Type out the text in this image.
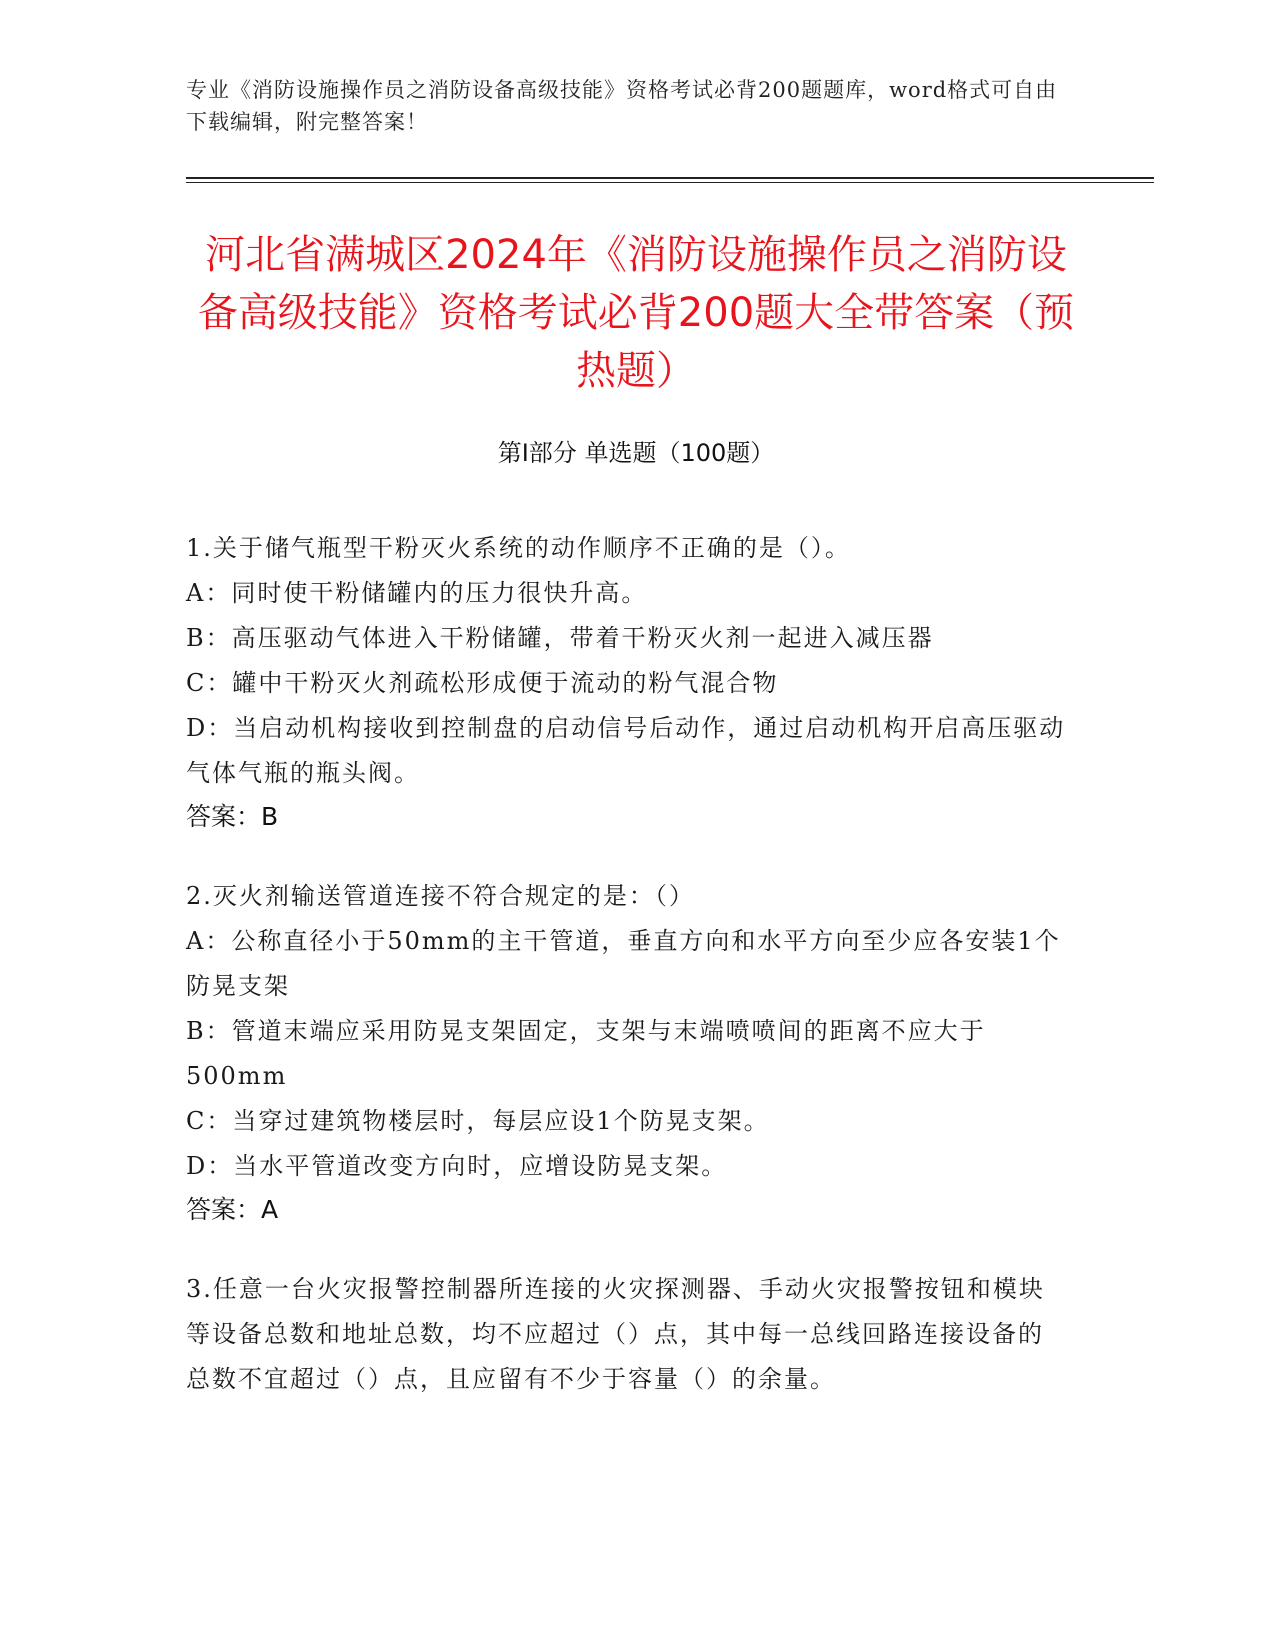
专业《消防设施操作员之消防设备高级技能》资格考试必背200题题库，word格式可自由下载编辑，附完整答案！
河北省满城区2024年《消防设施操作员之消防设备高级技能》资格考试必背200题大全带答案（预热题）
第I部分 单选题（100题）
1.关于储气瓶型干粉灭火系统的动作顺序不正确的是（）。
A：同时使干粉储罐内的压力很快升高。
B：高压驱动气体进入干粉储罐，带着干粉灭火剂一起进入减压器
C：罐中干粉灭火剂疏松形成便于流动的粉气混合物
D：当启动机构接收到控制盘的启动信号后动作，通过启动机构开启高压驱动气体气瓶的瓶头阀。
答案：B
2.灭火剂输送管道连接不符合规定的是：（）
A：公称直径小于50mm的主干管道，垂直方向和水平方向至少应各安装1个防晃支架
B：管道末端应采用防晃支架固定，支架与末端喷喷间的距离不应大于500mm
C：当穿过建筑物楼层时，每层应设1个防晃支架。
D：当水平管道改变方向时，应增设防晃支架。
答案：A
3.任意一台火灾报警控制器所连接的火灾探测器、手动火灾报警按钮和模块等设备总数和地址总数，均不应超过（）点，其中每一总线回路连接设备的总数不宜超过（）点，且应留有不少于容量（）的余量。
